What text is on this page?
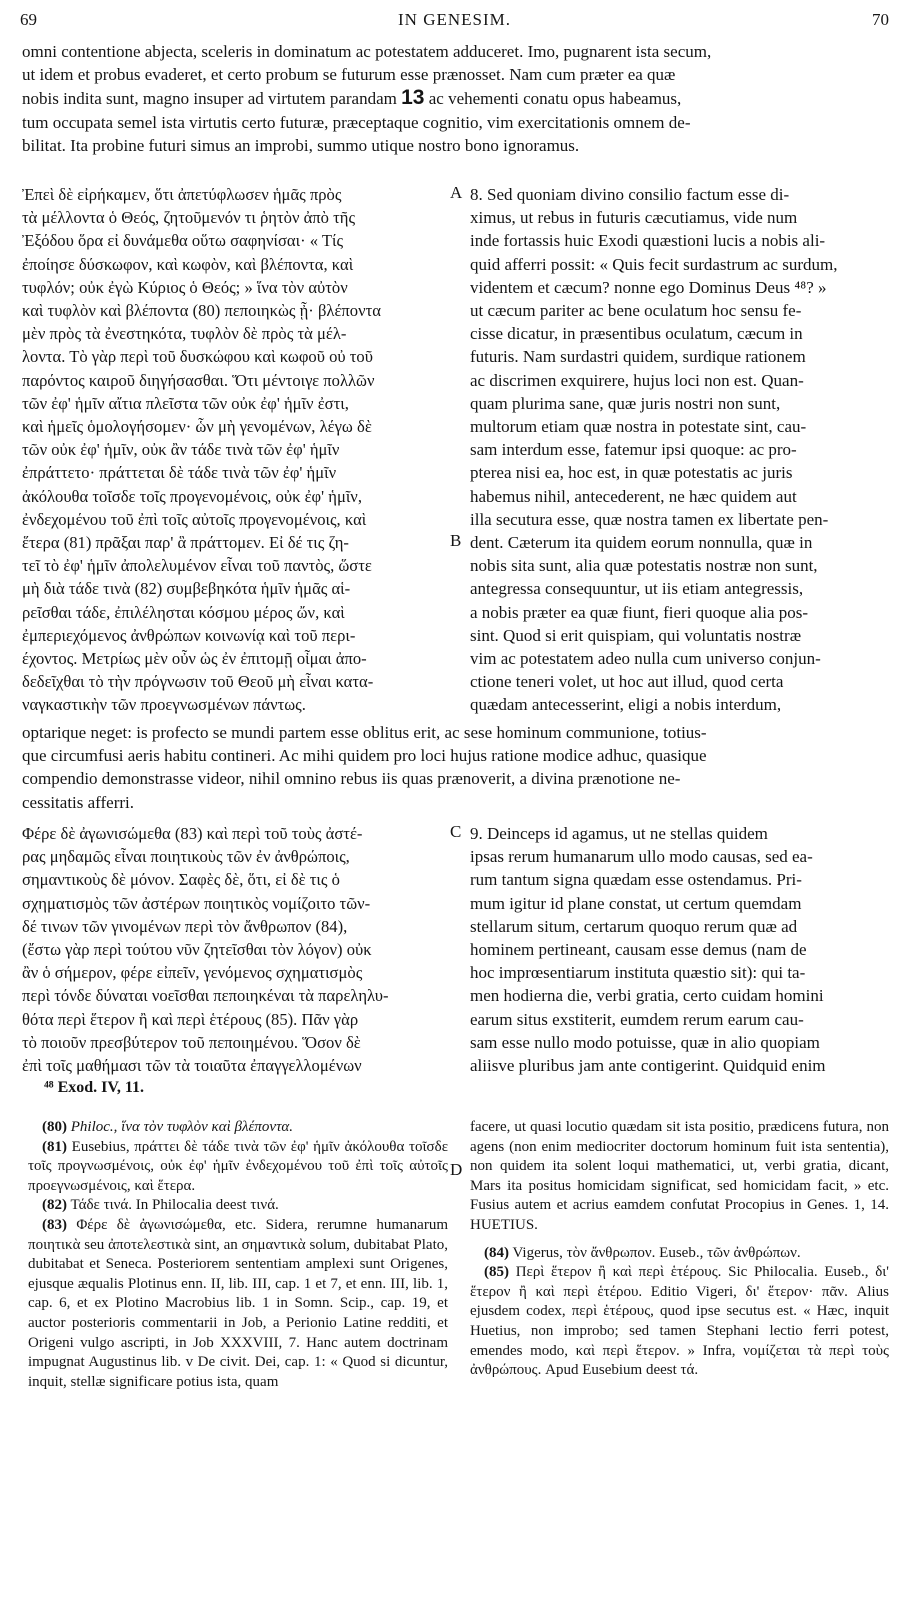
69	IN GENESIM.	70

omni contentione abjecta, sceleris in dominatum ac potestatem adduceret. Imo, pugnarent ista secum,

ut idem et probus evaderet, et certo probum se futurum esse prænosset. Nam cum præter ea quæ

nobis indita sunt, magno insuper ad virtutem parandam 13 ac vehementi conatu opus habeamus,

tum occupata semel ista virtutis certo futuræ, præceptaque cognitio, vim exercitationis omnem de-

bilitat. Ita probine futuri simus an improbi, summo utique nostro bono ignoramus.

Ἐπεὶ δὲ εἰρήκαμεν, ὅτι ἀπετύφλωσεν ἡμᾶς πρὸς

τὰ μέλλοντα ὁ Θεός, ζητοῦμενόν τι ῥητὸν ἀπὸ τῆς

Ἐξόδου ὅρα εἰ δυνάμεθα οὕτω σαφηνίσαι· « Τίς

ἐποίησε δύσκωφον, καὶ κωφὸν, καὶ βλέποντα, καὶ

τυφλόν; οὐκ ἐγὼ Κύριος ὁ Θεός; » ἵνα τὸν αὐτὸν

καὶ τυφλὸν καὶ βλέποντα (80) πεποιηκὼς ᾖ· βλέποντα

μὲν πρὸς τὰ ἐνεστηκότα, τυφλὸν δὲ πρὸς τὰ μέλ-

λοντα. Τὸ γὰρ περὶ τοῦ δυσκώφου καὶ κωφοῦ οὐ τοῦ

παρόντος καιροῦ διηγήσασθαι. Ὅτι μέντοιγε πολλῶν

τῶν ἐφ' ἡμῖν αἴτια πλεῖστα τῶν οὐκ ἐφ' ἡμῖν ἐστι,

καὶ ἡμεῖς ὁμολογήσομεν· ὧν μὴ γενομένων, λέγω δὲ

τῶν οὐκ ἐφ' ἡμῖν, οὐκ ἂν τάδε τινὰ τῶν ἐφ' ἡμῖν

ἐπράττετο· πράττεται δὲ τάδε τινὰ τῶν ἐφ' ἡμῖν

ἀκόλουθα τοῖσδε τοῖς προγενομένοις, οὐκ ἐφ' ἡμῖν,

ἐνδεχομένου τοῦ ἐπὶ τοῖς αὐτοῖς προγενομένοις, καὶ

ἕτερα (81) πρᾶξαι παρ' ἃ πράττομεν. Εἰ δέ τις ζη-

τεῖ τὸ ἐφ' ἡμῖν ἀπολελυμένον εἶναι τοῦ παντὸς, ὥστε

μὴ διὰ τάδε τινὰ (82) συμβεβηκότα ἡμῖν ἡμᾶς αἱ-

ρεῖσθαι τάδε, ἐπιλέλησται κόσμου μέρος ὤν, καὶ

ἐμπεριεχόμενος ἀνθρώπων κοινωνίᾳ καὶ τοῦ περι-

έχοντος. Μετρίως μὲν οὖν ὡς ἐν ἐπιτομῇ οἶμαι ἀπο-

δεδεῖχθαι τὸ τὴν πρόγνωσιν τοῦ Θεοῦ μὴ εἶναι κατα-

ναγκαστικὴν τῶν προεγνωσμένων πάντως.

8. Sed quoniam divino consilio factum esse di-

ximus, ut rebus in futuris cæcutiamus, vide num

inde fortassis huic Exodi quæstioni lucis a nobis ali-

quid afferri possit: « Quis fecit surdastrum ac surdum,

videntem et cæcum? nonne ego Dominus Deus ⁴⁸? »

ut cæcum pariter ac bene oculatum hoc sensu fe-

cisse dicatur, in præsentibus oculatum, cæcum in

futuris. Nam surdastri quidem, surdique rationem

ac discrimen exquirere, hujus loci non est. Quan-

quam plurima sane, quæ juris nostri non sunt,

multorum etiam quæ nostra in potestate sint, cau-

sam interdum esse, fatemur ipsi quoque: ac pro-

pterea nisi ea, hoc est, in quæ potestatis ac juris

habemus nihil, antecederent, ne hæc quidem aut

illa secutura esse, quæ nostra tamen ex libertate pen-

dent. Cæterum ita quidem eorum nonnulla, quæ in

nobis sita sunt, alia quæ potestatis nostræ non sunt,

antegressa consequuntur, ut iis etiam antegressis,

a nobis præter ea quæ fiunt, fieri quoque alia pos-

sint. Quod si erit quispiam, qui voluntatis nostræ

vim ac potestatem adeo nulla cum universo conjun-

ctione teneri volet, ut hoc aut illud, quod certa

quædam antecesserint, eligi a nobis interdum,

A
B

optarique neget: is profecto se mundi partem esse oblitus erit, ac sese hominum communione, totius-

que circumfusi aeris habitu contineri. Ac mihi quidem pro loci hujus ratione modice adhuc, quasique

compendio demonstrasse videor, nihil omnino rebus iis quas prænoverit, a divina prænotione ne-

cessitatis afferri.

Φέρε δὲ ἀγωνισώμεθα (83) καὶ περὶ τοῦ τοὺς ἀστέ-

ρας μηδαμῶς εἶναι ποιητικοὺς τῶν ἐν ἀνθρώποις,

σημαντικοὺς δὲ μόνον. Σαφὲς δὲ, ὅτι, εἰ δὲ τις ὁ

σχηματισμὸς τῶν ἀστέρων ποιητικὸς νομίζοιτο τῶν-

δέ τινων τῶν γινομένων περὶ τὸν ἄνθρωπον (84),

(ἔστω γὰρ περὶ τούτου νῦν ζητεῖσθαι τὸν λόγον) οὐκ

ἂν ὁ σήμερον, φέρε εἰπεῖν, γενόμενος σχηματισμὸς

περὶ τόνδε δύναται νοεῖσθαι πεποιηκέναι τὰ παρεληλυ-

θότα περὶ ἕτερον ἢ καὶ περὶ ἑτέρους (85). Πᾶν γὰρ

τὸ ποιοῦν πρεσβύτερον τοῦ πεποιημένου. Ὅσον δὲ

ἐπὶ τοῖς μαθήμασι τῶν τὰ τοιαῦτα ἐπαγγελλομένων

9. Deinceps id agamus, ut ne stellas quidem

ipsas rerum humanarum ullo modo causas, sed ea-

rum tantum signa quædam esse ostendamus. Pri-

mum igitur id plane constat, ut certum quemdam

stellarum situm, certarum quoquo rerum quæ ad

hominem pertineant, causam esse demus (nam de

hoc imprœsentiarum instituta quæstio sit): qui ta-

men hodierna die, verbi gratia, certo cuidam homini

earum situs exstiterit, eumdem rerum earum cau-

sam esse nullo modo potuisse, quæ in alio quopiam

aliisve pluribus jam ante contigerint. Quidquid enim

C
⁴⁸ Exod. IV, 11.

(80) Philoc., ἵνα τὸν τυφλὸν καὶ βλέποντα.

(81) Eusebius, πράττει δὲ τάδε τινὰ τῶν ἐφ' ἡμῖν ἀκόλουθα τοῖσδε τοῖς προγνωσμένοις, οὐκ ἐφ' ἡμῖν ἐνδεχομένου τοῦ ἐπὶ τοῖς αὐτοῖς προεγνωσμένοις, καὶ ἕτερα.

(82) Τάδε τινά. In Philocalia deest τινά.

(83) Φέρε δὲ ἀγωνισώμεθα, etc. Sidera, rerumne humanarum ποιητικὰ seu ἀποτελεστικὰ sint, an σημαντικὰ solum, dubitabat Plato, dubitabat et Seneca. Posteriorem sententiam amplexi sunt Origenes, ejusque æqualis Plotinus enn. II, lib. III, cap. 1 et 7, et enn. III, lib. 1, cap. 6, et ex Plotino Macrobius lib. 1 in Somn. Scip., cap. 19, et auctor posterioris commentarii in Job, a Perionio Latine redditi, et Origeni vulgo ascripti, in Job XXXVIII, 7. Hanc autem doctrinam impugnat Augustinus lib. v De civit. Dei, cap. 1: « Quod si dicuntur, inquit, stellæ significare potius ista, quam

D

facere, ut quasi locutio quædam sit ista positio, prædicens futura, non agens (non enim mediocriter doctorum hominum fuit ista sententia), non quidem ita solent loqui mathematici, ut, verbi gratia, dicant, Mars ita positus homicidam significat, sed homicidam facit, » etc. Fusius autem et acrius eamdem confutat Procopius in Genes. 1, 14. HUETIUS.

(84) Vigerus, τὸν ἄνθρωπον. Euseb., τῶν ἀνθρώπων.

(85) Περὶ ἕτερον ἢ καὶ περὶ ἑτέρους. Sic Philocalia. Euseb., δι' ἕτερον ἢ καὶ περὶ ἑτέρου. Editio Vigeri, δι' ἕτερον· πᾶν. Alius ejusdem codex, περὶ ἑτέρους, quod ipse secutus est. « Hæc, inquit Huetius, non improbo; sed tamen Stephani lectio ferri potest, emendes modo, καὶ περὶ ἕτερον. » Infra, νομίζεται τὰ περὶ τοὺς ἀνθρώπους. Apud Eusebium deest τά.
